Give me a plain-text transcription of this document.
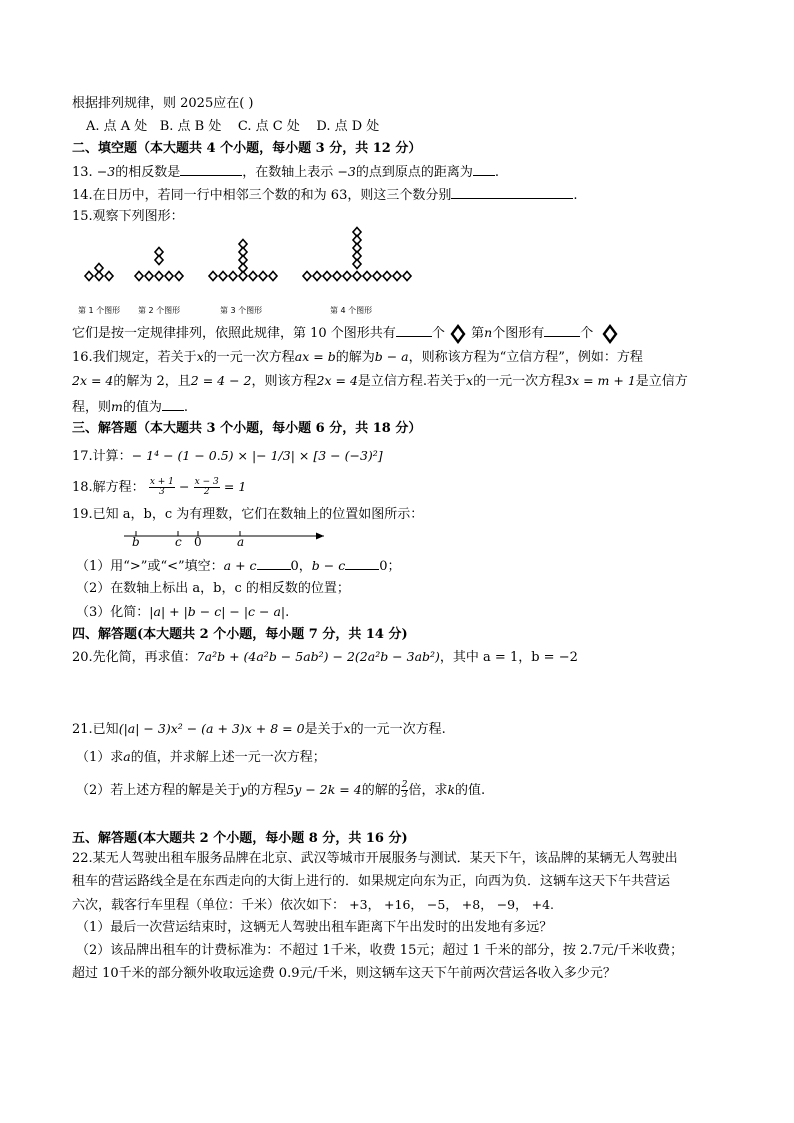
根据排列规律，则 2025应在( )
A. 点 A 处 B. 点 B 处 C. 点 C 处 D. 点 D 处
二、填空题（本大题共 4 个小题，每小题 3 分，共 12 分）
13. −3的相反数是	，在数轴上表示 −3的点到原点的距离为 .
14.在日历中，若同一行中相邻三个数的和为 63，则这三个数分别	.
15.观察下列图形：
第 1 个图形 第 2 个图形	第 3 个图形	第 4 个图形
它们是按一定规律排列，依照此规律，第 10 个图形共有	个 第n个图形有	个
16.我们规定，若关于x的一元一次方程ax = b的解为b − a，则称该方程为“立信方程”，例如：方程
2x = 4的解为 2，且2 = 4 − 2，则该方程2x = 4是立信方程.若关于x的一元一次方程3x = m + 1是立信方
程，则m的值为 .
三、解答题（本大题共 3 个小题，每小题 6 分，共 18 分）
17.计算：− 1⁴ − (1 − 0.5) × |− 1/3| × [3 − (−3)²]
18.解方程： $\frac{x + 1}{3} - \frac{x - 3}{2} = 1$
19.已知 a，b，c 为有理数，它们在数轴上的位置如图所示：
b	c 0	a
（1）用“>”或“<”填空：a + c	0，b − c	0；
（2）在数轴上标出 a，b，c 的相反数的位置；
（3）化简：|a| + |b − c| − |c − a|.
四、解答题(本大题共 2 个小题，每小题 7 分，共 14 分)
20.先化简，再求值：7a²b + (4a²b − 5ab²) − 2(2a²b − 3ab²)，其中 a = 1，b = −2
21.已知(|a| − 3)x² − (a + 3)x + 8 = 0是关于x的一元一次方程.
（1）求a的值，并求解上述一元一次方程；
（2）若上述方程的解是关于y的方程5y − 2k = 4的解的 $\frac{2}{3}$ 倍，求k的值.
五、解答题(本大题共 2 个小题，每小题 8 分，共 16 分)
22.某无人驾驶出租车服务品牌在北京、武汉等城市开展服务与测试．某天下午，该品牌的某辆无人驾驶出
租车的营运路线全是在东西走向的大街上进行的．如果规定向东为正，向西为负．这辆车这天下午共营运
六次，载客行车里程（单位：千米）依次如下： +3， +16， −5， +8， −9， +4.
（1）最后一次营运结束时，这辆无人驾驶出租车距离下午出发时的出发地有多远？
（2）该品牌出租车的计费标准为：不超过 1千米，收费 15元；超过 1 千米的部分，按 2.7元/千米收费；
超过 10千米的部分额外收取远途费 0.9元/千米，则这辆车这天下午前两次营运各收入多少元？
